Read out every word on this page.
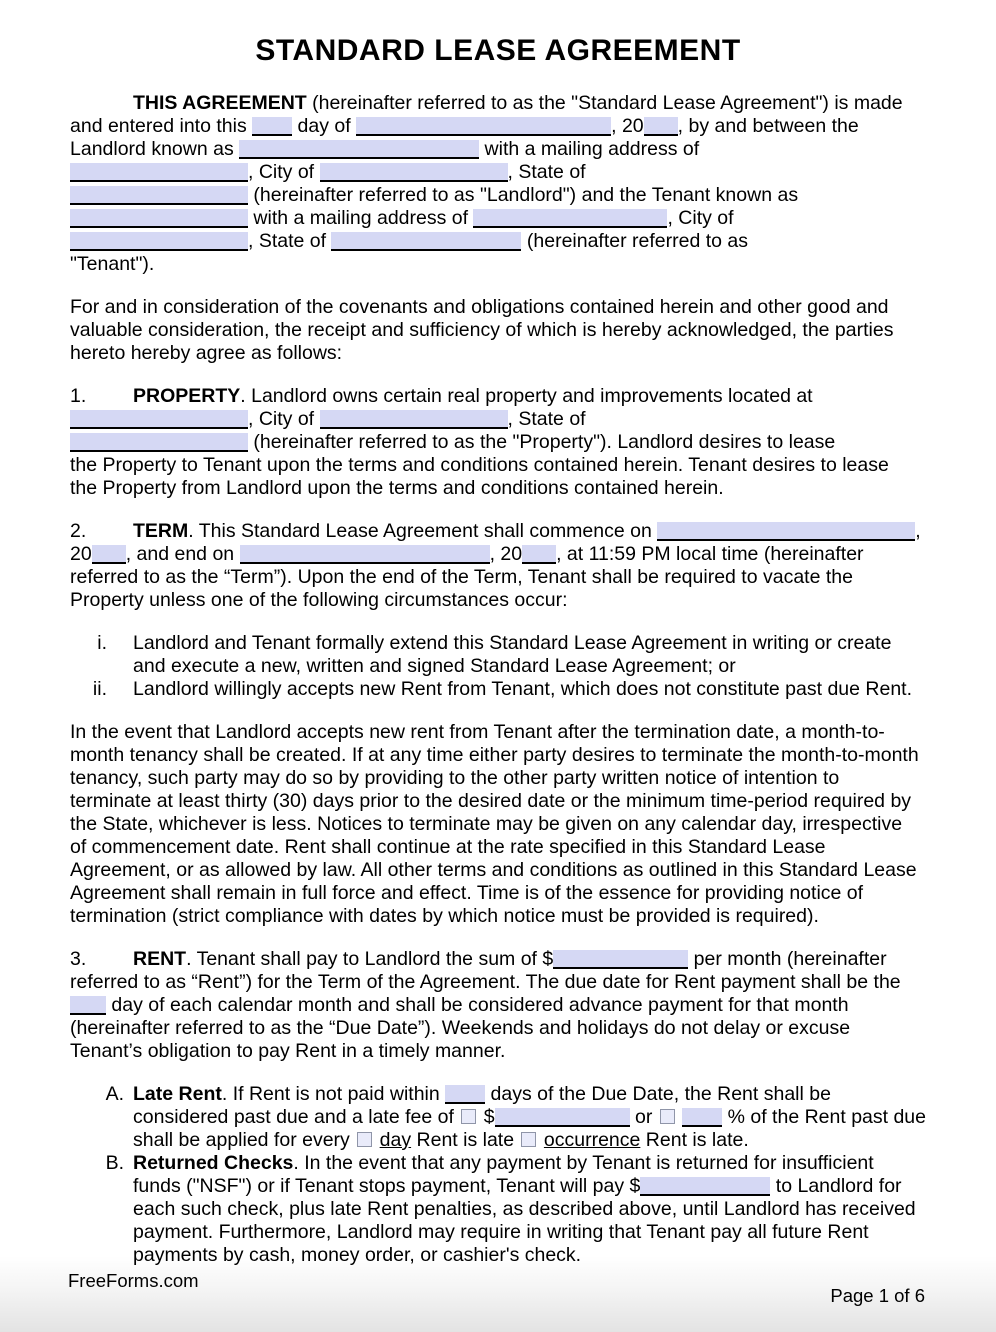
STANDARD LEASE AGREEMENT
THIS AGREEMENT (hereinafter referred to as the "Standard Lease Agreement") is made
and entered into this  day of	, 20 , by and between the
Landlord known as	with a mailing address of
, City of	, State of
(hereinafter referred to as "Landlord") and the Tenant known as
with a mailing address of	, City of
, State of	(hereinafter referred to as
"Tenant").
For and in consideration of the covenants and obligations contained herein and other good and
valuable consideration, the receipt and sufficiency of which is hereby acknowledged, the parties
hereto hereby agree as follows:
1. PROPERTY. Landlord owns certain real property and improvements located at
, City of	, State of
(hereinafter referred to as the "Property"). Landlord desires to lease
the Property to Tenant upon the terms and conditions contained herein. Tenant desires to lease
the Property from Landlord upon the terms and conditions contained herein.
2. TERM. This Standard Lease Agreement shall commence on	,
20 , and end on	, 20 , at 11:59 PM local time (hereinafter
referred to as the “Term”). Upon the end of the Term, Tenant shall be required to vacate the
Property unless one of the following circumstances occur:
i. Landlord and Tenant formally extend this Standard Lease Agreement in writing or create
and execute a new, written and signed Standard Lease Agreement; or
ii. Landlord willingly accepts new Rent from Tenant, which does not constitute past due Rent.
In the event that Landlord accepts new rent from Tenant after the termination date, a month-to-
month tenancy shall be created. If at any time either party desires to terminate the month-to-month
tenancy, such party may do so by providing to the other party written notice of intention to
terminate at least thirty (30) days prior to the desired date or the minimum time-period required by
the State, whichever is less. Notices to terminate may be given on any calendar day, irrespective
of commencement date. Rent shall continue at the rate specified in this Standard Lease
Agreement, or as allowed by law. All other terms and conditions as outlined in this Standard Lease
Agreement shall remain in full force and effect. Time is of the essence for providing notice of
termination (strict compliance with dates by which notice must be provided is required).
3. RENT. Tenant shall pay to Landlord the sum of $	per month (hereinafter
referred to as “Rent”) for the Term of the Agreement. The due date for Rent payment shall be the
day of each calendar month and shall be considered advance payment for that month
(hereinafter referred to as the “Due Date”). Weekends and holidays do not delay or excuse
Tenant’s obligation to pay Rent in a timely manner.
A. Late Rent. If Rent is not paid within  days of the Due Date, the Rent shall be
considered past due and a late fee of  $	or	% of the Rent past due
shall be applied for every  day Rent is late  occurrence Rent is late.
B. Returned Checks. In the event that any payment by Tenant is returned for insufficient
funds ("NSF") or if Tenant stops payment, Tenant will pay $	to Landlord for
each such check, plus late Rent penalties, as described above, until Landlord has received
payment. Furthermore, Landlord may require in writing that Tenant pay all future Rent
payments by cash, money order, or cashier's check.
FreeForms.com
Page 1 of 6
